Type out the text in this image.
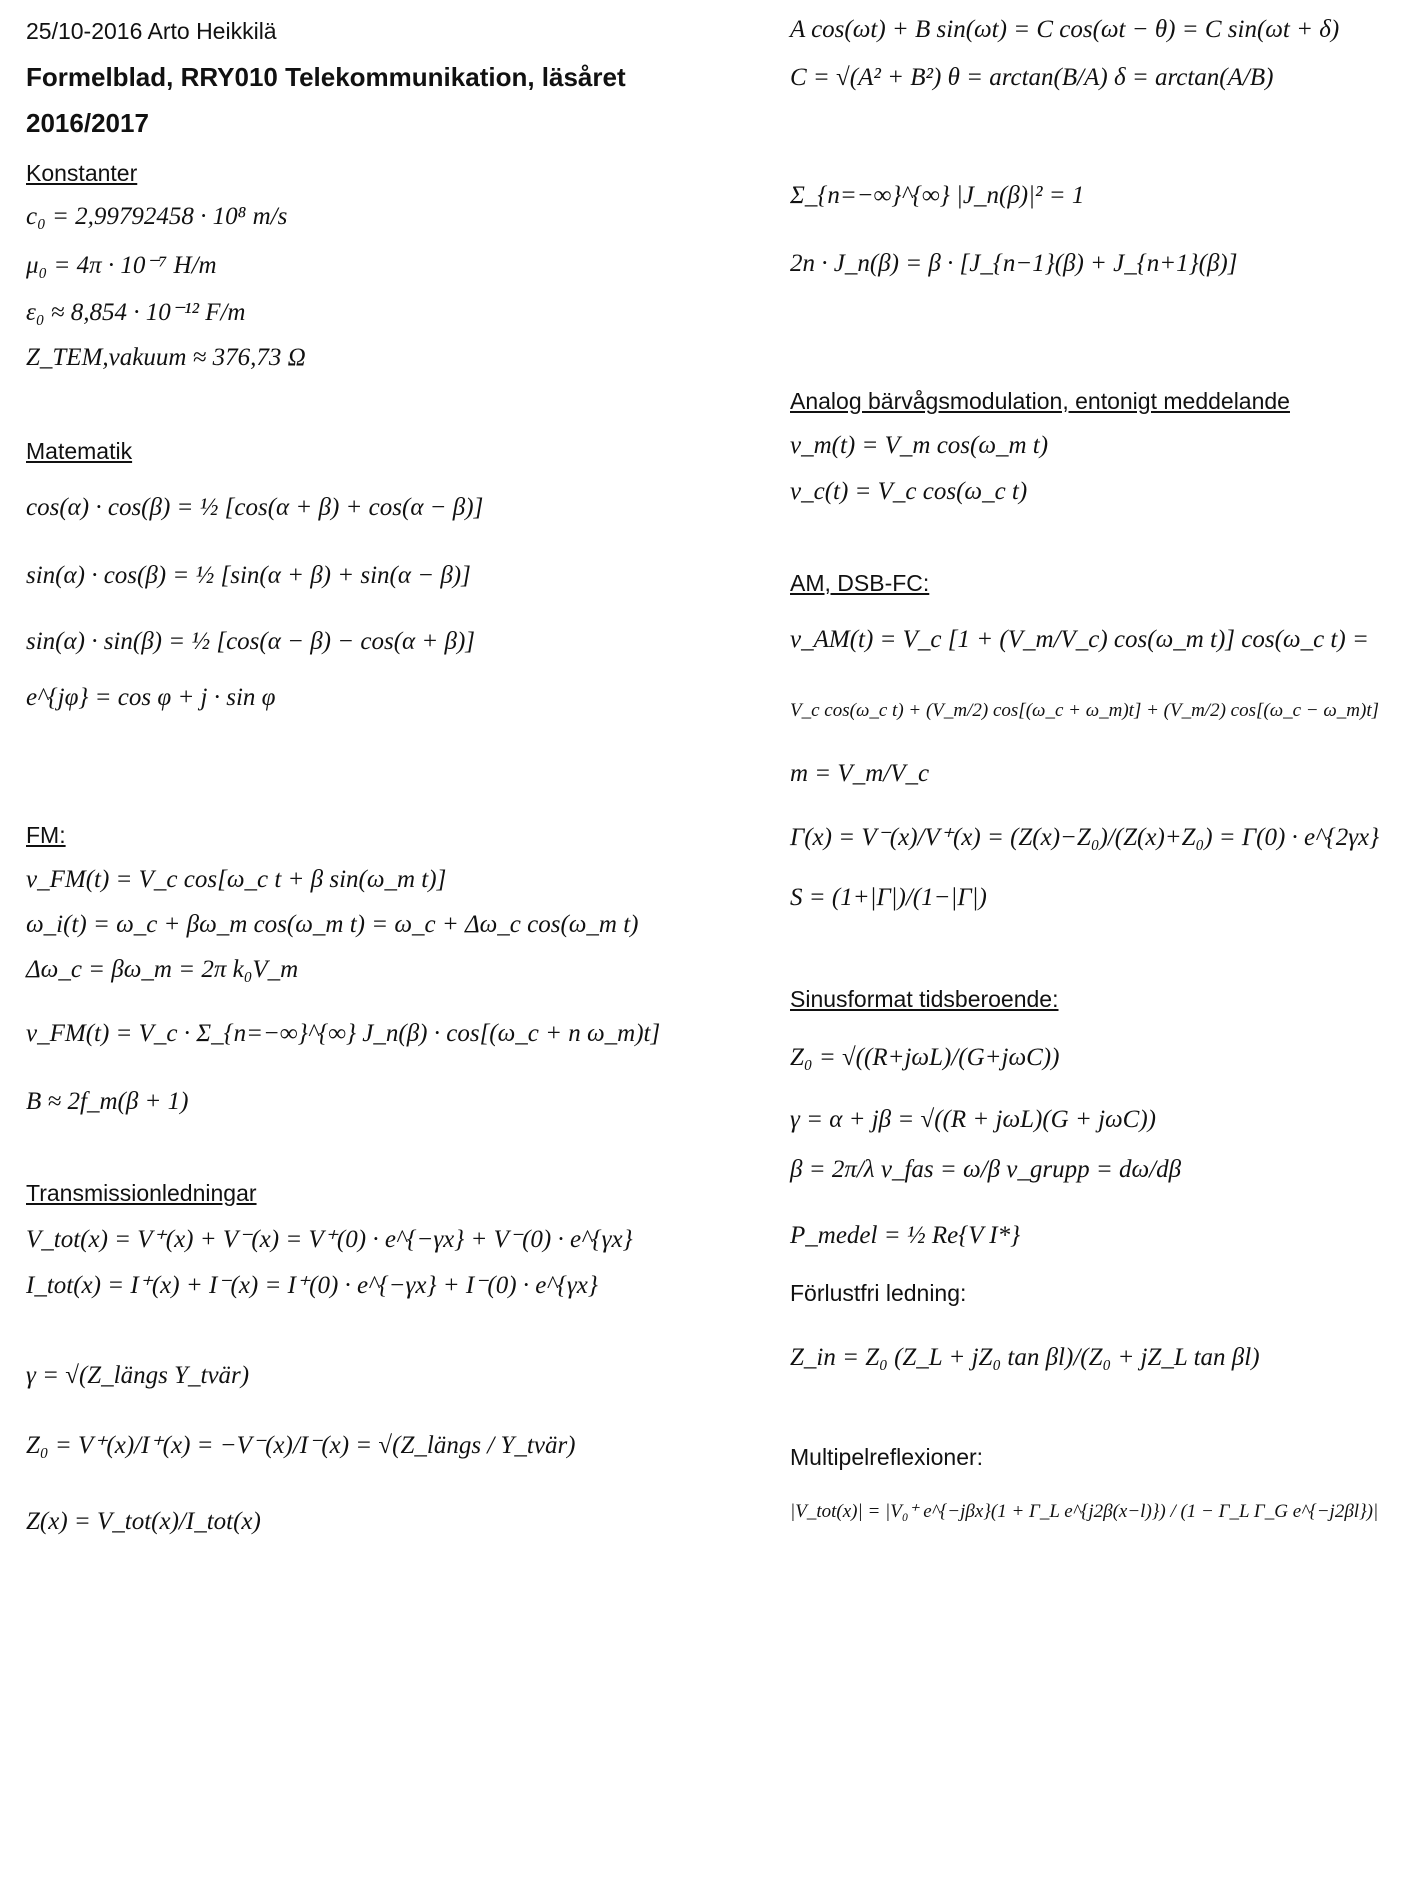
25/10-2016 Arto Heikkilä
Formelblad, RRY010 Telekommunikation, läsåret
2016/2017
Konstanter
c₀ = 2,99792458 · 10⁸ m/s
μ₀ = 4π · 10⁻⁷ H/m
ε₀ ≈ 8,854 · 10⁻¹² F/m
Z_TEM,vakuum ≈ 376,73 Ω
Matematik
cos(α) · cos(β) = ½ [cos(α + β) + cos(α − β)]
sin(α) · cos(β) = ½ [sin(α + β) + sin(α − β)]
sin(α) · sin(β) = ½ [cos(α − β) − cos(α + β)]
e^{jφ} = cos φ + j · sin φ
FM:
v_FM(t) = V_c cos[ω_c t + β sin(ω_m t)]
ω_i(t) = ω_c + βω_m cos(ω_m t) = ω_c + Δω_c cos(ω_m t)
Δω_c = βω_m = 2π k₀V_m
v_FM(t) = V_c · Σ_{n=−∞}^{∞} J_n(β) · cos[(ω_c + n ω_m)t]
B ≈ 2f_m(β + 1)
Transmissionledningar
V_tot(x) = V⁺(x) + V⁻(x) = V⁺(0) · e^{−γx} + V⁻(0) · e^{γx}
I_tot(x) = I⁺(x) + I⁻(x) = I⁺(0) · e^{−γx} + I⁻(0) · e^{γx}
γ = √(Z_längs Y_tvär)
Z₀ = V⁺(x)/I⁺(x) = −V⁻(x)/I⁻(x) = √(Z_längs / Y_tvär)
Z(x) = V_tot(x)/I_tot(x)
A cos(ωt) + B sin(ωt) = C cos(ωt − θ) = C sin(ωt + δ)
C = √(A² + B²) θ = arctan(B/A) δ = arctan(A/B)
Σ_{n=−∞}^{∞} |J_n(β)|² = 1
2n · J_n(β) = β · [J_{n−1}(β) + J_{n+1}(β)]
Analog bärvågsmodulation, entonigt meddelande
v_m(t) = V_m cos(ω_m t)
v_c(t) = V_c cos(ω_c t)
AM, DSB-FC:
v_AM(t) = V_c [1 + (V_m/V_c) cos(ω_m t)] cos(ω_c t) =
V_c cos(ω_c t) + (V_m/2) cos[(ω_c + ω_m)t] + (V_m/2) cos[(ω_c − ω_m)t]
m = V_m/V_c
Γ(x) = V⁻(x)/V⁺(x) = (Z(x)−Z₀)/(Z(x)+Z₀) = Γ(0) · e^{2γx}
S = (1+|Γ|)/(1−|Γ|)
Sinusformat tidsberoende:
Z₀ = √((R+jωL)/(G+jωC))
γ = α + jβ = √((R + jωL)(G + jωC))
β = 2π/λ v_fas = ω/β v_grupp = dω/dβ
P_medel = ½ Re{V I*}
Förlustfri ledning:
Z_in = Z₀ (Z_L + jZ₀ tan βl)/(Z₀ + jZ_L tan βl)
Multipelreflexioner:
|V_tot(x)| = |V₀⁺ e^{−jβx}(1 + Γ_L e^{j2β(x−l)}) / (1 − Γ_L Γ_G e^{−j2βl})|
